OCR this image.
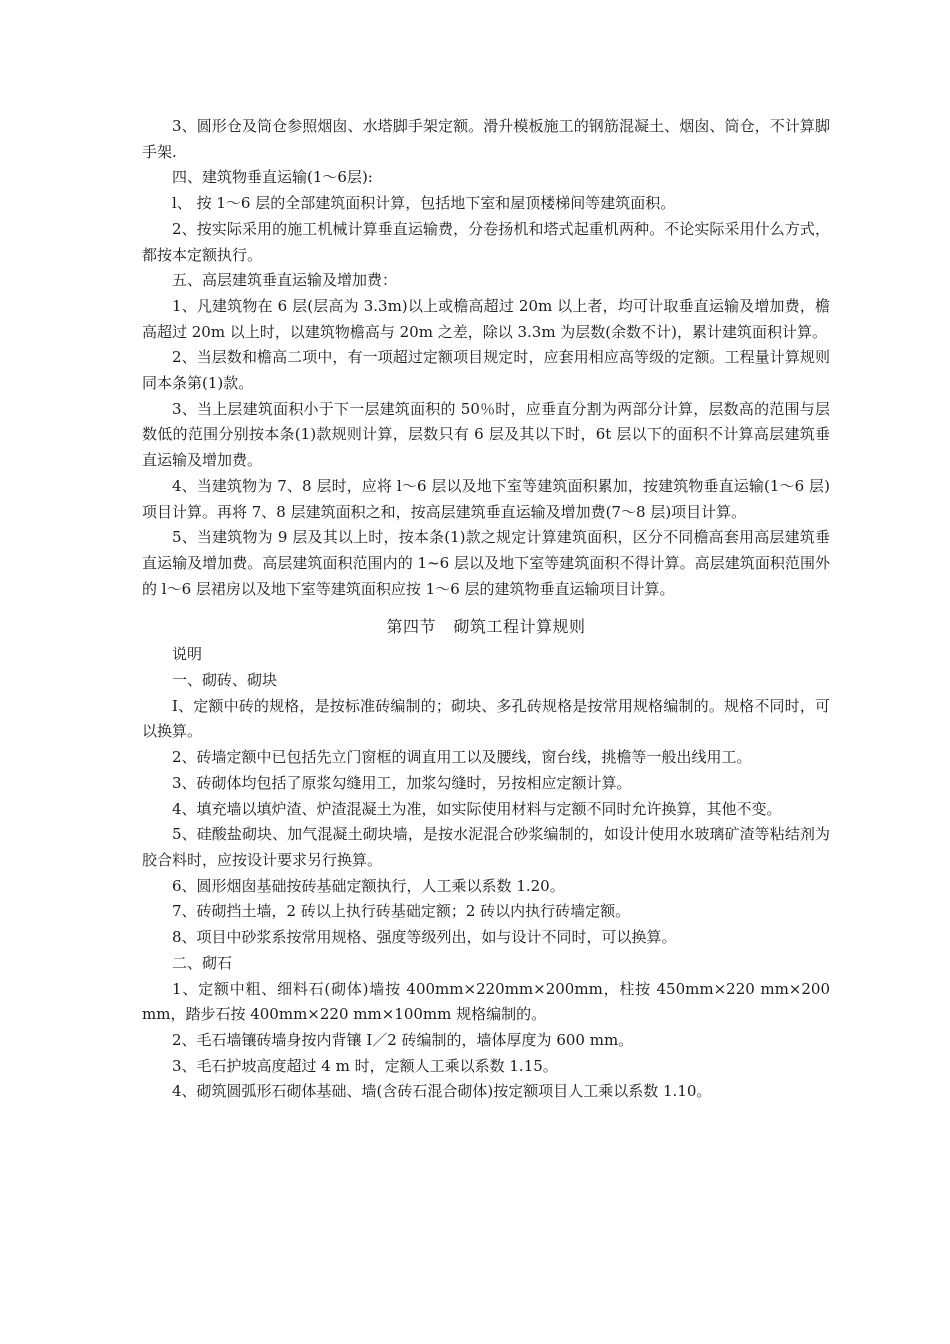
3、圆形仓及筒仓参照烟囱、水塔脚手架定额。滑升模板施工的钢筋混凝土、烟囱、筒仓，不计算脚手架.

四、建筑物垂直运输(1～6层):

l、 按 1～6 层的全部建筑面积计算，包括地下室和屋顶楼梯间等建筑面积。

2、按实际采用的施工机械计算垂直运输费，分卷扬机和塔式起重机两种。不论实际采用什么方式，都按本定额执行。

五、高层建筑垂直运输及增加费：

1、凡建筑物在 6 层(层高为 3.3m)以上或檐高超过 20m 以上者，均可计取垂直运输及增加费，檐高超过 20m 以上时，以建筑物檐高与 20m 之差，除以 3.3m 为层数(余数不计)，累计建筑面积计算。

2、当层数和檐高二项中，有一项超过定额项目规定时，应套用相应高等级的定额。工程量计算规则同本条第(1)款。

3、当上层建筑面积小于下一层建筑面积的 50％时，应垂直分割为两部分计算，层数高的范围与层数低的范围分别按本条(1)款规则计算，层数只有 6 层及其以下时，6t 层以下的面积不计算高层建筑垂直运输及增加费。

4、当建筑物为 7、8 层时，应将 l～6 层以及地下室等建筑面积累加，按建筑物垂直运输(1～6 层)项目计算。再将 7、8 层建筑面积之和，按高层建筑垂直运输及增加费(7～8 层)项目计算。

5、当建筑物为 9 层及其以上时，按本条(1)款之规定计算建筑面积，区分不同檐高套用高层建筑垂直运输及增加费。高层建筑面积范围内的 1~6 层以及地下室等建筑面积不得计算。高层建筑面积范围外的 l～6 层裙房以及地下室等建筑面积应按 1～6 层的建筑物垂直运输项目计算。

第四节 砌筑工程计算规则

说明

一、砌砖、砌块

I、定额中砖的规格，是按标准砖编制的；砌块、多孔砖规格是按常用规格编制的。规格不同时，可以换算。

2、砖墙定额中已包括先立门窗框的调直用工以及腰线，窗台线，挑檐等一般出线用工。

3、砖砌体均包括了原浆勾缝用工，加浆勾缝时，另按相应定额计算。

4、填充墙以填炉渣、炉渣混凝土为准，如实际使用材料与定额不同时允许换算，其他不变。

5、硅酸盐砌块、加气混凝土砌块墙，是按水泥混合砂浆编制的，如设计使用水玻璃矿渣等粘结剂为胶合料时，应按设计要求另行换算。

6、圆形烟囱基础按砖基础定额执行，人工乘以系数 1.20。

7、砖砌挡土墙，2 砖以上执行砖基础定额；2 砖以内执行砖墙定额。

8、项目中砂浆系按常用规格、强度等级列出，如与设计不同时，可以换算。

二、砌石

1、定额中粗、细料石(砌体)墙按 400mm×220mm×200mm，柱按 450mm×220 mm×200 mm，踏步石按 400mm×220 mm×100mm 规格编制的。

2、毛石墙镶砖墙身按内背镶 I／2 砖编制的，墙体厚度为 600 mm。

3、毛石护坡高度超过 4 m 时，定额人工乘以系数 1.15。

4、砌筑圆弧形石砌体基础、墙(含砖石混合砌体)按定额项目人工乘以系数 1.10。
